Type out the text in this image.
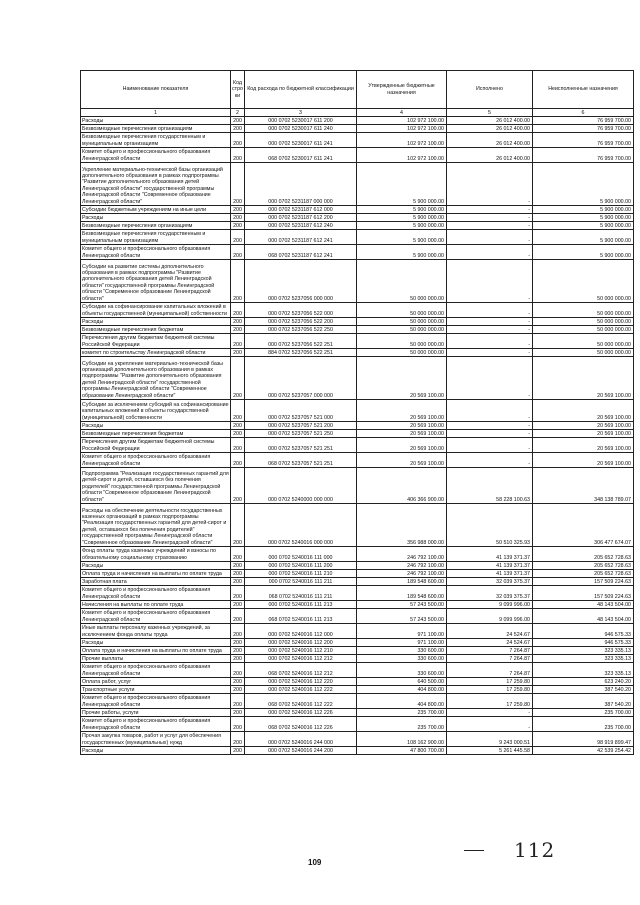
Наименование показателя	Код стро ки	Код расхода по бюджетной классификации	Утвержденные бюджетные назначения	Исполнено	Неисполненные назначения
1	2	3	4	5	6
Расходы	200	000 0702 5230017 611 200	102 972 100.00	26 012 400.00	76 959 700.00
Безвозмездные перечисления организациям	200	000 0702 5230017 611 240	102 972 100.00	26 012 400.00	76 959 700.00
Безвозмездные перечисления государственным и муниципальным организациям	200	000 0702 5230017 611 241	102 972 100.00	26 012 400.00	76 959 700.00
Комитет общего и профессионального образования Ленинградской области	200	068 0702 5230017 611 241	102 972 100.00	26 012 400.00	76 959 700.00
Укрепление материально-технической базы организаций дополнительного образования в рамках подпрограммы "Развитие дополнительного образования детей Ленинградской области" государственной программы Ленинградской области "Современное образование Ленинградской области"	200	000 0702 5231187 000 000	5 900 000.00	-	5 900 000.00
Субсидии бюджетным учреждениям на иные цели	200	000 0702 5231187 612 000	5 900 000.00	-	5 900 000.00
Расходы	200	000 0702 5231187 612 200	5 900 000.00	-	5 900 000.00
Безвозмездные перечисления организациям	200	000 0702 5231187 612 240	5 900 000.00	-	5 900 000.00
Безвозмездные перечисления государственным и муниципальным организациям	200	000 0702 5231187 612 241	5 900 000.00	-	5 900 000.00
Комитет общего и профессионального образования Ленинградской области	200	068 0702 5231187 612 241	5 900 000.00	-	5 900 000.00
Субсидии на развитие системы дополнительного образования в рамках подпрограммы "Развитие дополнительного образования детей Ленинградской области" государственной программы Ленинградской области "Современное образование Ленинградской области"	200	000 0702 5237056 000 000	50 000 000.00	-	50 000 000.00
Субсидии на софинансирование капитальных вложений в объекты государственной (муниципальной) собственности	200	000 0702 5237056 522 000	50 000 000.00	-	50 000 000.00
Расходы	200	000 0702 5237056 522 200	50 000 000.00	-	50 000 000.00
Безвозмездные перечисления бюджетам	200	000 0702 5237056 522 250	50 000 000.00	-	50 000 000.00
Перечисления другим бюджетам бюджетной системы Российской Федерации	200	000 0702 5237056 522 251	50 000 000.00	-	50 000 000.00
комитет по строительству Ленинградской области	200	884 0702 5237056 522 251	50 000 000.00	-	50 000 000.00
Субсидии на укрепление материально-технической базы организаций дополнительного образования в рамках подпрограммы "Развитие дополнительного образования детей Ленинградской области" государственной программы Ленинградской области "Современное образование Ленинградской области"	200	000 0702 5237057 000 000	20 569 100.00	-	20 569 100.00
Субсидии за исключением субсидий на софинансирование капитальных вложений в объекты государственной (муниципальной) собственности	200	000 0702 5237057 521 000	20 569 100.00	-	20 569 100.00
Расходы	200	000 0702 5237057 521 200	20 569 100.00	-	20 569 100.00
Безвозмездные перечисления бюджетам	200	000 0702 5237057 521 250	20 569 100.00	-	20 569 100.00
Перечисления другим бюджетам бюджетной системы Российской Федерации	200	000 0702 5237057 521 251	20 569 100.00	-	20 569 100.00
Комитет общего и профессионального образования Ленинградской области	200	068 0702 5237057 521 251	20 569 100.00	-	20 569 100.00
Подпрограмма "Реализация государственных гарантий для детей-сирот и детей, оставшихся без попечения родителей" государственной программы Ленинградской области "Современное образование Ленинградской области"	200	000 0702 5240000 000 000	406 366 900.00	58 228 100.63	348 138 789.07
Расходы на обеспечение деятельности государственных казенных организаций в рамках подпрограммы "Реализация государственных гарантий для детей-сирот и детей, оставшихся без попечения родителей" государственной программы Ленинградской области "Современное образование Ленинградской области"	200	000 0702 5240016 000 000	356 988 000.00	50 510 325.93	306 477 674.07
Фонд оплаты труда казенных учреждений и взносы по обязательному социальному страхованию	200	000 0702 5240016 111 000	246 792 100.00	41 139 371.37	205 652 728.63
Расходы	200	000 0702 5240016 111 200	246 792 100.00	41 139 371.37	205 652 728.63
Оплата труда и начисления на выплаты по оплате труда	200	000 0702 5240016 111 210	246 792 100.00	41 139 371.37	205 652 728.63
Заработная плата	200	000 0702 5240016 111 211	189 548 600.00	32 039 375.37	157 509 224.63
Комитет общего и профессионального образования Ленинградской области	200	068 0702 5240016 111 211	189 548 600.00	32 039 375.37	157 509 224.63
Начисления на выплаты по оплате труда	200	000 0702 5240016 111 213	57 243 500.00	9 099 996.00	48 143 504.00
Комитет общего и профессионального образования Ленинградской области	200	068 0702 5240016 111 213	57 243 500.00	9 099 996.00	48 143 504.00
Иные выплаты персоналу казенных учреждений, за исключением фонда оплаты труда	200	000 0702 5240016 112 000	971 100.00	24 524.67	946 575.33
Расходы	200	000 0702 5240016 112 200	971 100.00	24 524.67	946 575.33
Оплата труда и начисления на выплаты по оплате труда	200	000 0702 5240016 112 210	330 600.00	7 264.87	323 335.13
Прочие выплаты	200	000 0702 5240016 112 212	330 600.00	7 264.87	323 335.13
Комитет общего и профессионального образования Ленинградской области	200	068 0702 5240016 112 212	330 600.00	7 264.87	323 335.13
Оплата работ, услуг	200	000 0702 5240016 112 220	640 500.00	17 259.80	623 240.20
Транспортные услуги	200	000 0702 5240016 112 222	404 800.00	17 259.80	387 540.20
Комитет общего и профессионального образования Ленинградской области	200	068 0702 5240016 112 222	404 800.00	17 259.80	387 540.20
Прочие работы, услуги	200	000 0702 5240016 112 226	235 700.00	-	235 700.00
Комитет общего и профессионального образования Ленинградской области	200	068 0702 5240016 112 226	235 700.00	-	235 700.00
Прочая закупка товаров, работ и услуг для обеспечения государственных (муниципальных) нужд	200	000 0702 5240016 244 000	108 162 900.00	9 243 000.51	98 919 899.47
Расходы	200	000 0702 5240016 244 200	47 800 700.00	5 261 445.58	42 539 254.42
112
109
